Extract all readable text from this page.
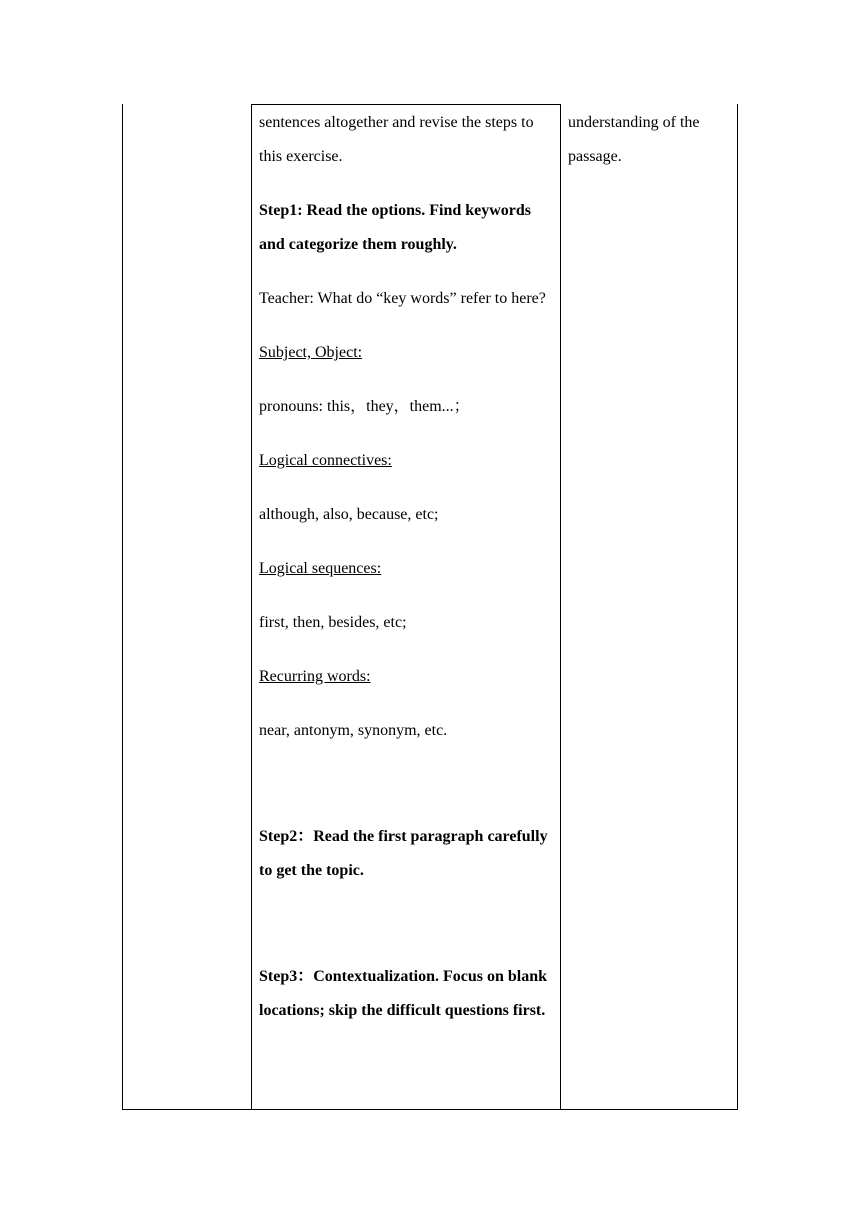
sentences altogether and revise the steps to this exercise.

Step1: Read the options. Find keywords and categorize them roughly.

Teacher: What do “key words” refer to here?

Subject, Object:

pronouns: this，they，them...；

Logical connectives:

although, also, because, etc;

Logical sequences:

first, then, besides, etc;

Recurring words:

near, antonym, synonym, etc.

Step2：Read the first paragraph carefully to get the topic.

Step3：Contextualization. Focus on blank locations; skip the difficult questions first.

understanding of the passage.
